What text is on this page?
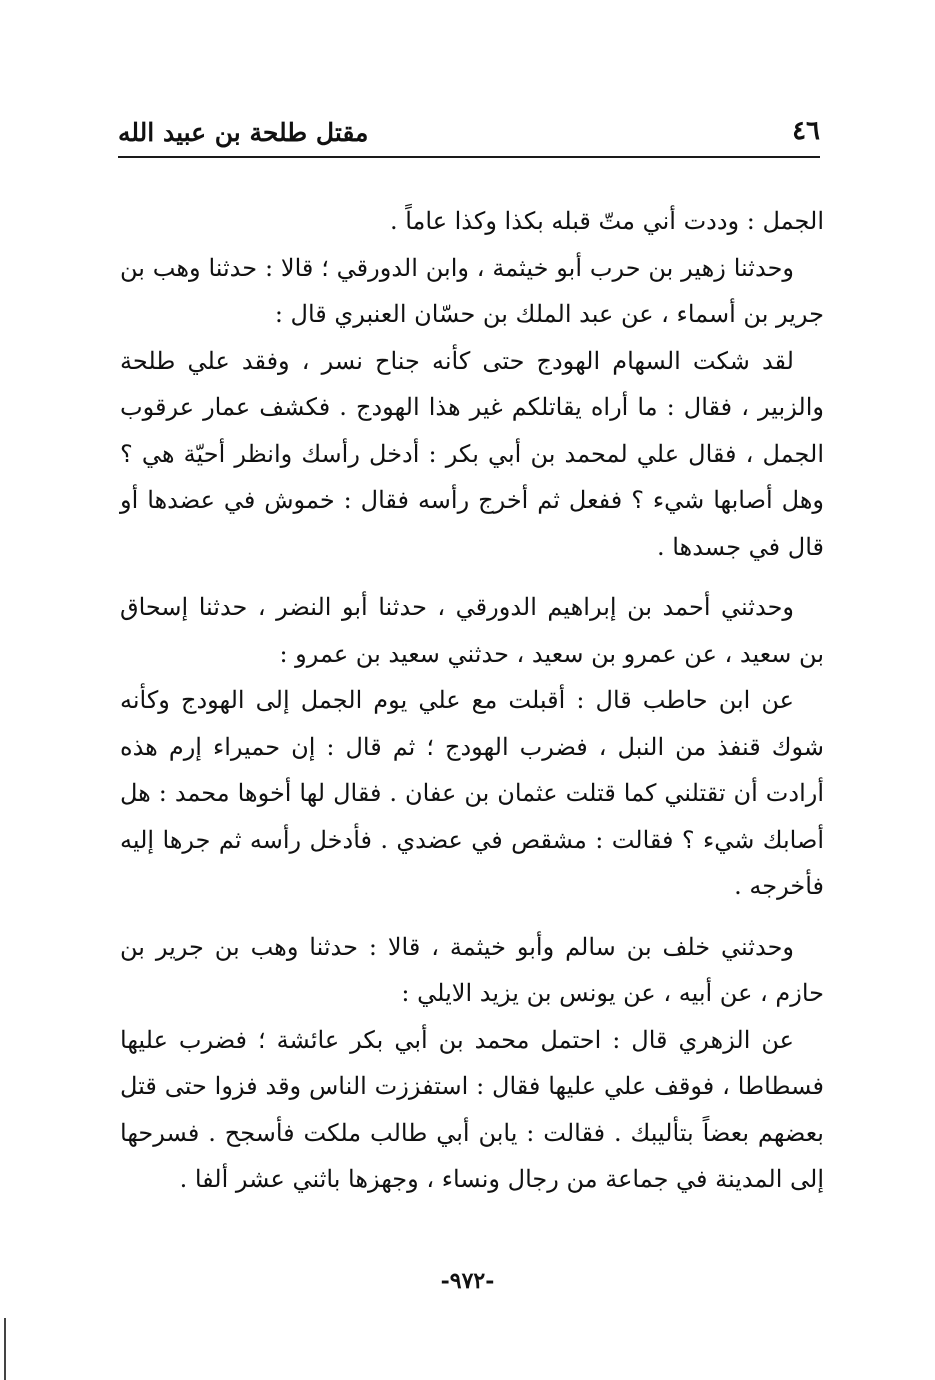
٤٦
مقتل طلحة بن عبيد الله

الجمل : وددت أني متّ قبله بكذا وكذا عاماً .

وحدثنا زهير بن حرب أبو خيثمة ، وابن الدورقي ؛ قالا : حدثنا وهب بن جرير بن أسماء ، عن عبد الملك بن حسّان العنبري قال :

لقد شكت السهام الهودج حتى كأنه جناح نسر ، وفقد علي طلحة والزبير ، فقال : ما أراه يقاتلكم غير هذا الهودج . فكشف عمار عرقوب الجمل ، فقال علي لمحمد بن أبي بكر : أدخل رأسك وانظر أحيّة هي ؟ وهل أصابها شيء ؟ ففعل ثم أخرج رأسه فقال : خموش في عضدها أو قال في جسدها .

وحدثني أحمد بن إبراهيم الدورقي ، حدثنا أبو النضر ، حدثنا إسحاق بن سعيد ، عن عمرو بن سعيد ، حدثني سعيد بن عمرو :

عن ابن حاطب قال : أقبلت مع علي يوم الجمل إلى الهودج وكأنه شوك قنفذ من النبل ، فضرب الهودج ؛ ثم قال : إن حميراء إرم هذه أرادت أن تقتلني كما قتلت عثمان بن عفان . فقال لها أخوها محمد : هل أصابك شيء ؟ فقالت : مشقص في عضدي . فأدخل رأسه ثم جرها إليه فأخرجه .

وحدثني خلف بن سالم وأبو خيثمة ، قالا : حدثنا وهب بن جرير بن حازم ، عن أبيه ، عن يونس بن يزيد الايلي :

عن الزهري قال : احتمل محمد بن أبي بكر عائشة ؛ فضرب عليها فسطاطا ، فوقف علي عليها فقال : استفززت الناس وقد فزوا حتى قتل بعضهم بعضاً بتأليبك . فقالت : يابن أبي طالب ملكت فأسجح . فسرحها إلى المدينة في جماعة من رجال ونساء ، وجهزها باثني عشر ألفا .

-٩٧٢-
